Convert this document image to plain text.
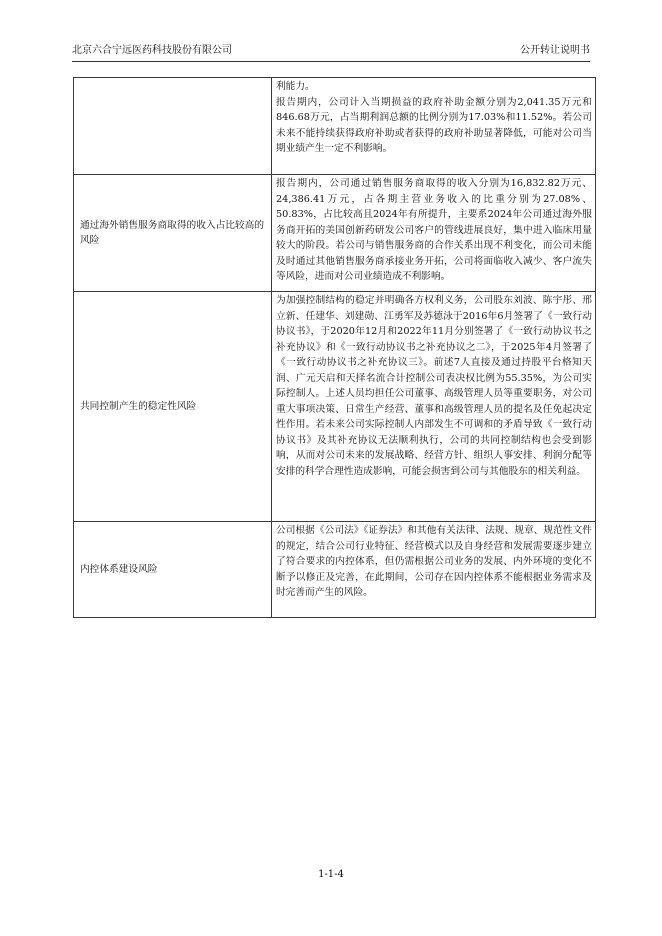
北京六合宁远医药科技股份有限公司	公开转让说明书

	利能力。
报告期内，公司计入当期损益的政府补助金额分别为2,041.35万元和846.68万元，占当期利润总额的比例分别为17.03%和11.52%。若公司未来不能持续获得政府补助或者获得的政府补助显著降低，可能对公司当期业绩产生一定不利影响。

通过海外销售服务商取得的收入占比较高的风险	报告期内，公司通过销售服务商取得的收入分别为16,832.82万元、24,386.41万元，占各期主营业务收入的比重分别为27.08%、50.83%，占比较高且2024年有所提升，主要系2024年公司通过海外服务商开拓的美国创新药研发公司客户的管线进展良好，集中进入临床用量较大的阶段。若公司与销售服务商的合作关系出现不利变化，而公司未能及时通过其他销售服务商承接业务开拓，公司将面临收入减少、客户流失等风险，进而对公司业绩造成不利影响。

共同控制产生的稳定性风险	为加强控制结构的稳定并明确各方权利义务，公司股东刘波、陈宇彤、邢立新、任建华、刘建勋、江勇军及苏德泳于2016年6月签署了《一致行动协议书》，于2020年12月和2022年11月分别签署了《一致行动协议书之补充协议》和《一致行动协议书之补充协议之二》，于2025年4月签署了《一致行动协议书之补充协议三》。前述7人直接及通过持股平台格知天润、广元天启和天择名流合计控制公司表决权比例为55.35%，为公司实际控制人。上述人员均担任公司董事、高级管理人员等重要职务，对公司重大事项决策、日常生产经营、董事和高级管理人员的提名及任免起决定性作用。若未来公司实际控制人内部发生不可调和的矛盾导致《一致行动协议书》及其补充协议无法顺利执行，公司的共同控制结构也会受到影响，从而对公司未来的发展战略、经营方针、组织人事安排、利润分配等安排的科学合理性造成影响，可能会损害到公司与其他股东的相关利益。

内控体系建设风险	公司根据《公司法》《证券法》和其他有关法律、法规、规章、规范性文件的规定，结合公司行业特征、经营模式以及自身经营和发展需要逐步建立了符合要求的内控体系，但仍需根据公司业务的发展、内外环境的变化不断予以修正及完善，在此期间，公司存在因内控体系不能根据业务需求及时完善而产生的风险。
1-1-4
